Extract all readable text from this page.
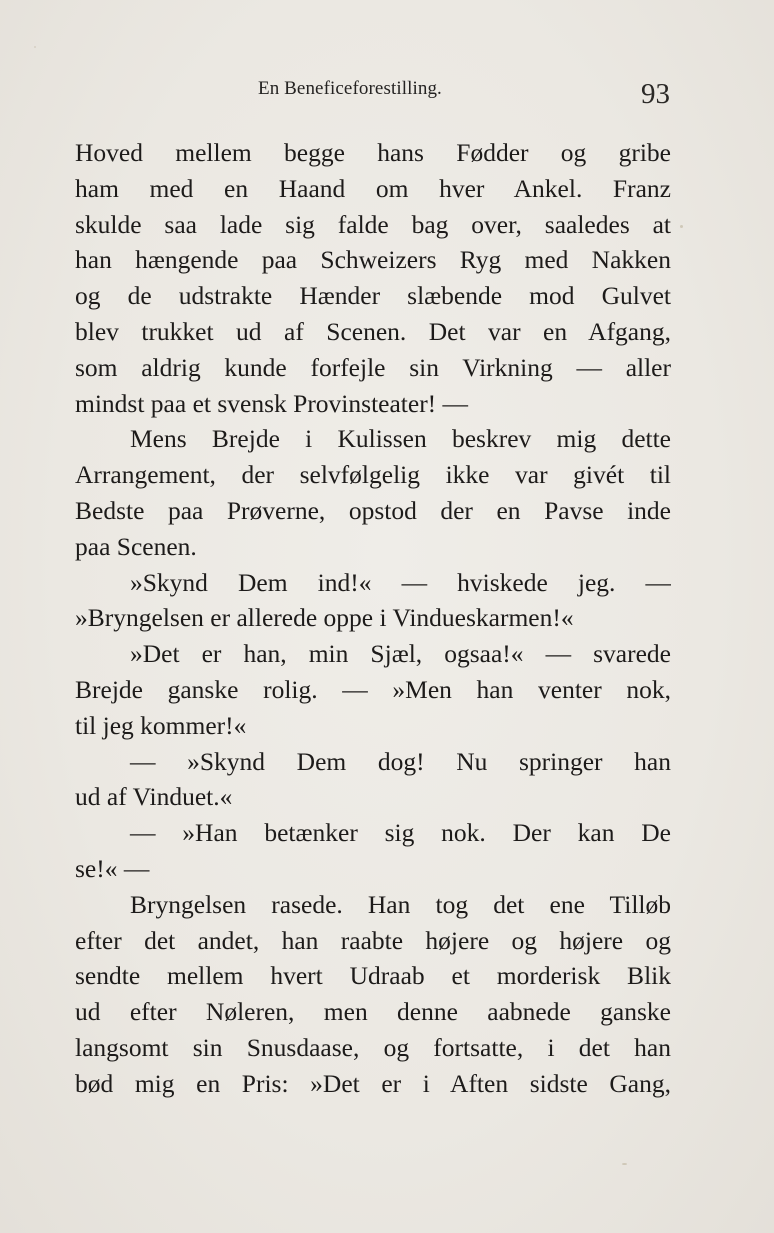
En Beneficeforestilling.	93
Hoved mellem begge hans Fødder og gribe
ham med en Haand om hver Ankel. Franz
skulde saa lade sig falde bag over, saaledes at
han hængende paa Schweizers Ryg med Nakken
og de udstrakte Hænder slæbende mod Gulvet
blev trukket ud af Scenen. Det var en Afgang,
som aldrig kunde forfejle sin Virkning — aller
mindst paa et svensk Provinsteater! —
Mens Brejde i Kulissen beskrev mig dette
Arrangement, der selvfølgelig ikke var givét til
Bedste paa Prøverne, opstod der en Pavse inde
paa Scenen.
»Skynd Dem ind!« — hviskede jeg. —
»Bryngelsen er allerede oppe i Vindueskarmen!«
»Det er han, min Sjæl, ogsaa!« — svarede
Brejde ganske rolig. — »Men han venter nok,
til jeg kommer!«
— »Skynd Dem dog! Nu springer han
ud af Vinduet.«
— »Han betænker sig nok. Der kan De
se!« —
Bryngelsen rasede. Han tog det ene Tilløb
efter det andet, han raabte højere og højere og
sendte mellem hvert Udraab et morderisk Blik
ud efter Nøleren, men denne aabnede ganske
langsomt sin Snusdaase, og fortsatte, i det han
bød mig en Pris: »Det er i Aften sidste Gang,
